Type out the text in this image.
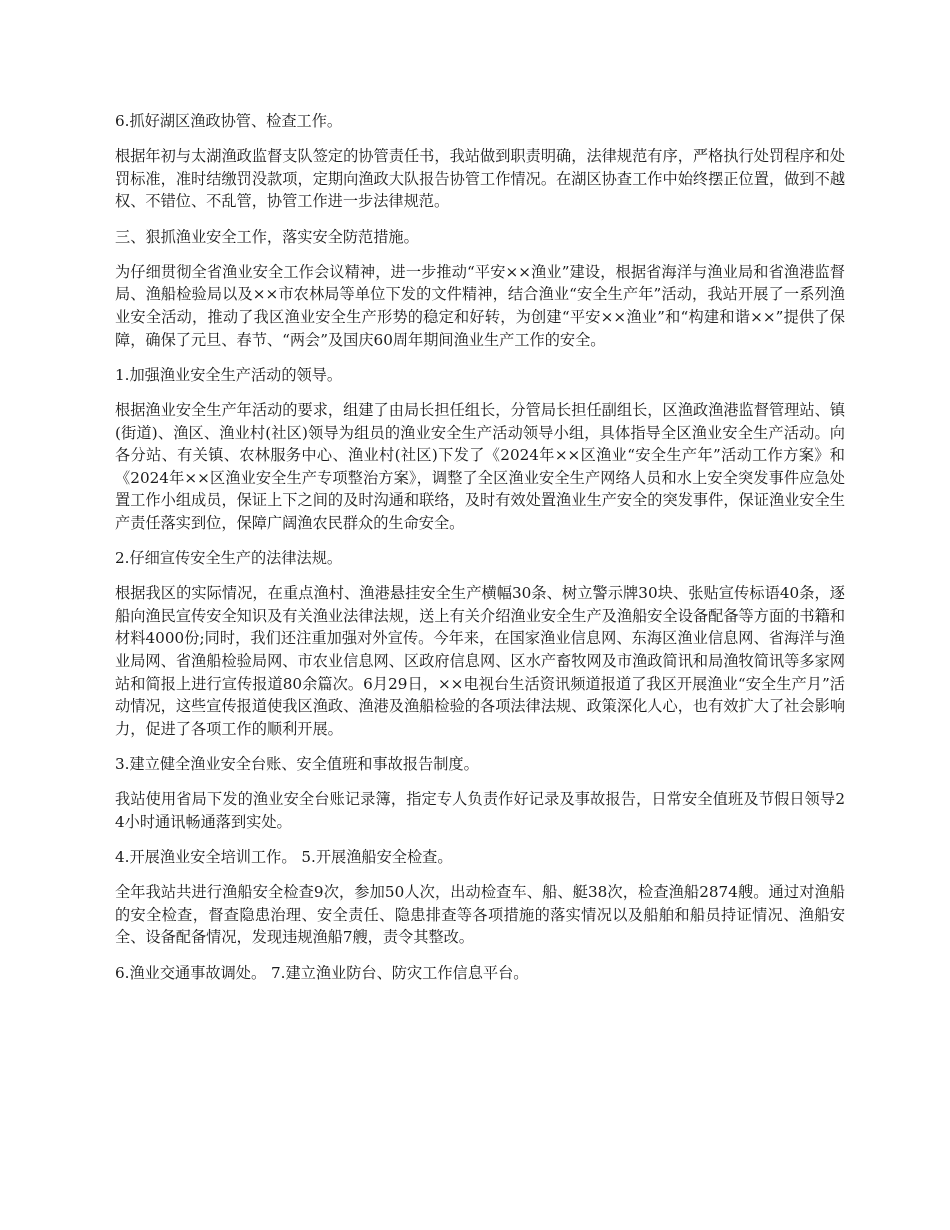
6.抓好湖区渔政协管、检查工作。

根据年初与太湖渔政监督支队签定的协管责任书，我站做到职责明确，法律规范有序，严格执行处罚程序和处罚标准，准时结缴罚没款项，定期向渔政大队报告协管工作情况。在湖区协查工作中始终摆正位置，做到不越权、不错位、不乱管，协管工作进一步法律规范。

三、狠抓渔业安全工作，落实安全防范措施。

为仔细贯彻全省渔业安全工作会议精神，进一步推动“平安××渔业”建设，根据省海洋与渔业局和省渔港监督局、渔船检验局以及××市农林局等单位下发的文件精神，结合渔业“安全生产年”活动，我站开展了一系列渔业安全活动，推动了我区渔业安全生产形势的稳定和好转，为创建“平安××渔业”和“构建和谐××”提供了保障，确保了元旦、春节、“两会”及国庆60周年期间渔业生产工作的安全。

1.加强渔业安全生产活动的领导。

根据渔业安全生产年活动的要求，组建了由局长担任组长，分管局长担任副组长，区渔政渔港监督管理站、镇(街道)、渔区、渔业村(社区)领导为组员的渔业安全生产活动领导小组，具体指导全区渔业安全生产活动。向各分站、有关镇、农林服务中心、渔业村(社区)下发了《2024年××区渔业“安全生产年”活动工作方案》和《2024年××区渔业安全生产专项整治方案》，调整了全区渔业安全生产网络人员和水上安全突发事件应急处置工作小组成员，保证上下之间的及时沟通和联络，及时有效处置渔业生产安全的突发事件，保证渔业安全生产责任落实到位，保障广阔渔农民群众的生命安全。

2.仔细宣传安全生产的法律法规。

根据我区的实际情况，在重点渔村、渔港悬挂安全生产横幅30条、树立警示牌30块、张贴宣传标语40条，逐船向渔民宣传安全知识及有关渔业法律法规，送上有关介绍渔业安全生产及渔船安全设备配备等方面的书籍和材料4000份;同时，我们还注重加强对外宣传。今年来，在国家渔业信息网、东海区渔业信息网、省海洋与渔业局网、省渔船检验局网、市农业信息网、区政府信息网、区水产畜牧网及市渔政简讯和局渔牧简讯等多家网站和简报上进行宣传报道80余篇次。6月29日，××电视台生活资讯频道报道了我区开展渔业“安全生产月”活动情况，这些宣传报道使我区渔政、渔港及渔船检验的各项法律法规、政策深化人心，也有效扩大了社会影响力，促进了各项工作的顺利开展。

3.建立健全渔业安全台账、安全值班和事故报告制度。

我站使用省局下发的渔业安全台账记录簿，指定专人负责作好记录及事故报告，日常安全值班及节假日领导24小时通讯畅通落到实处。

4.开展渔业安全培训工作。 5.开展渔船安全检查。

全年我站共进行渔船安全检查9次，参加50人次，出动检查车、船、艇38次，检查渔船2874艘。通过对渔船的安全检查，督查隐患治理、安全责任、隐患排查等各项措施的落实情况以及船舶和船员持证情况、渔船安全、设备配备情况，发现违规渔船7艘，责令其整改。

6.渔业交通事故调处。 7.建立渔业防台、防灾工作信息平台。
